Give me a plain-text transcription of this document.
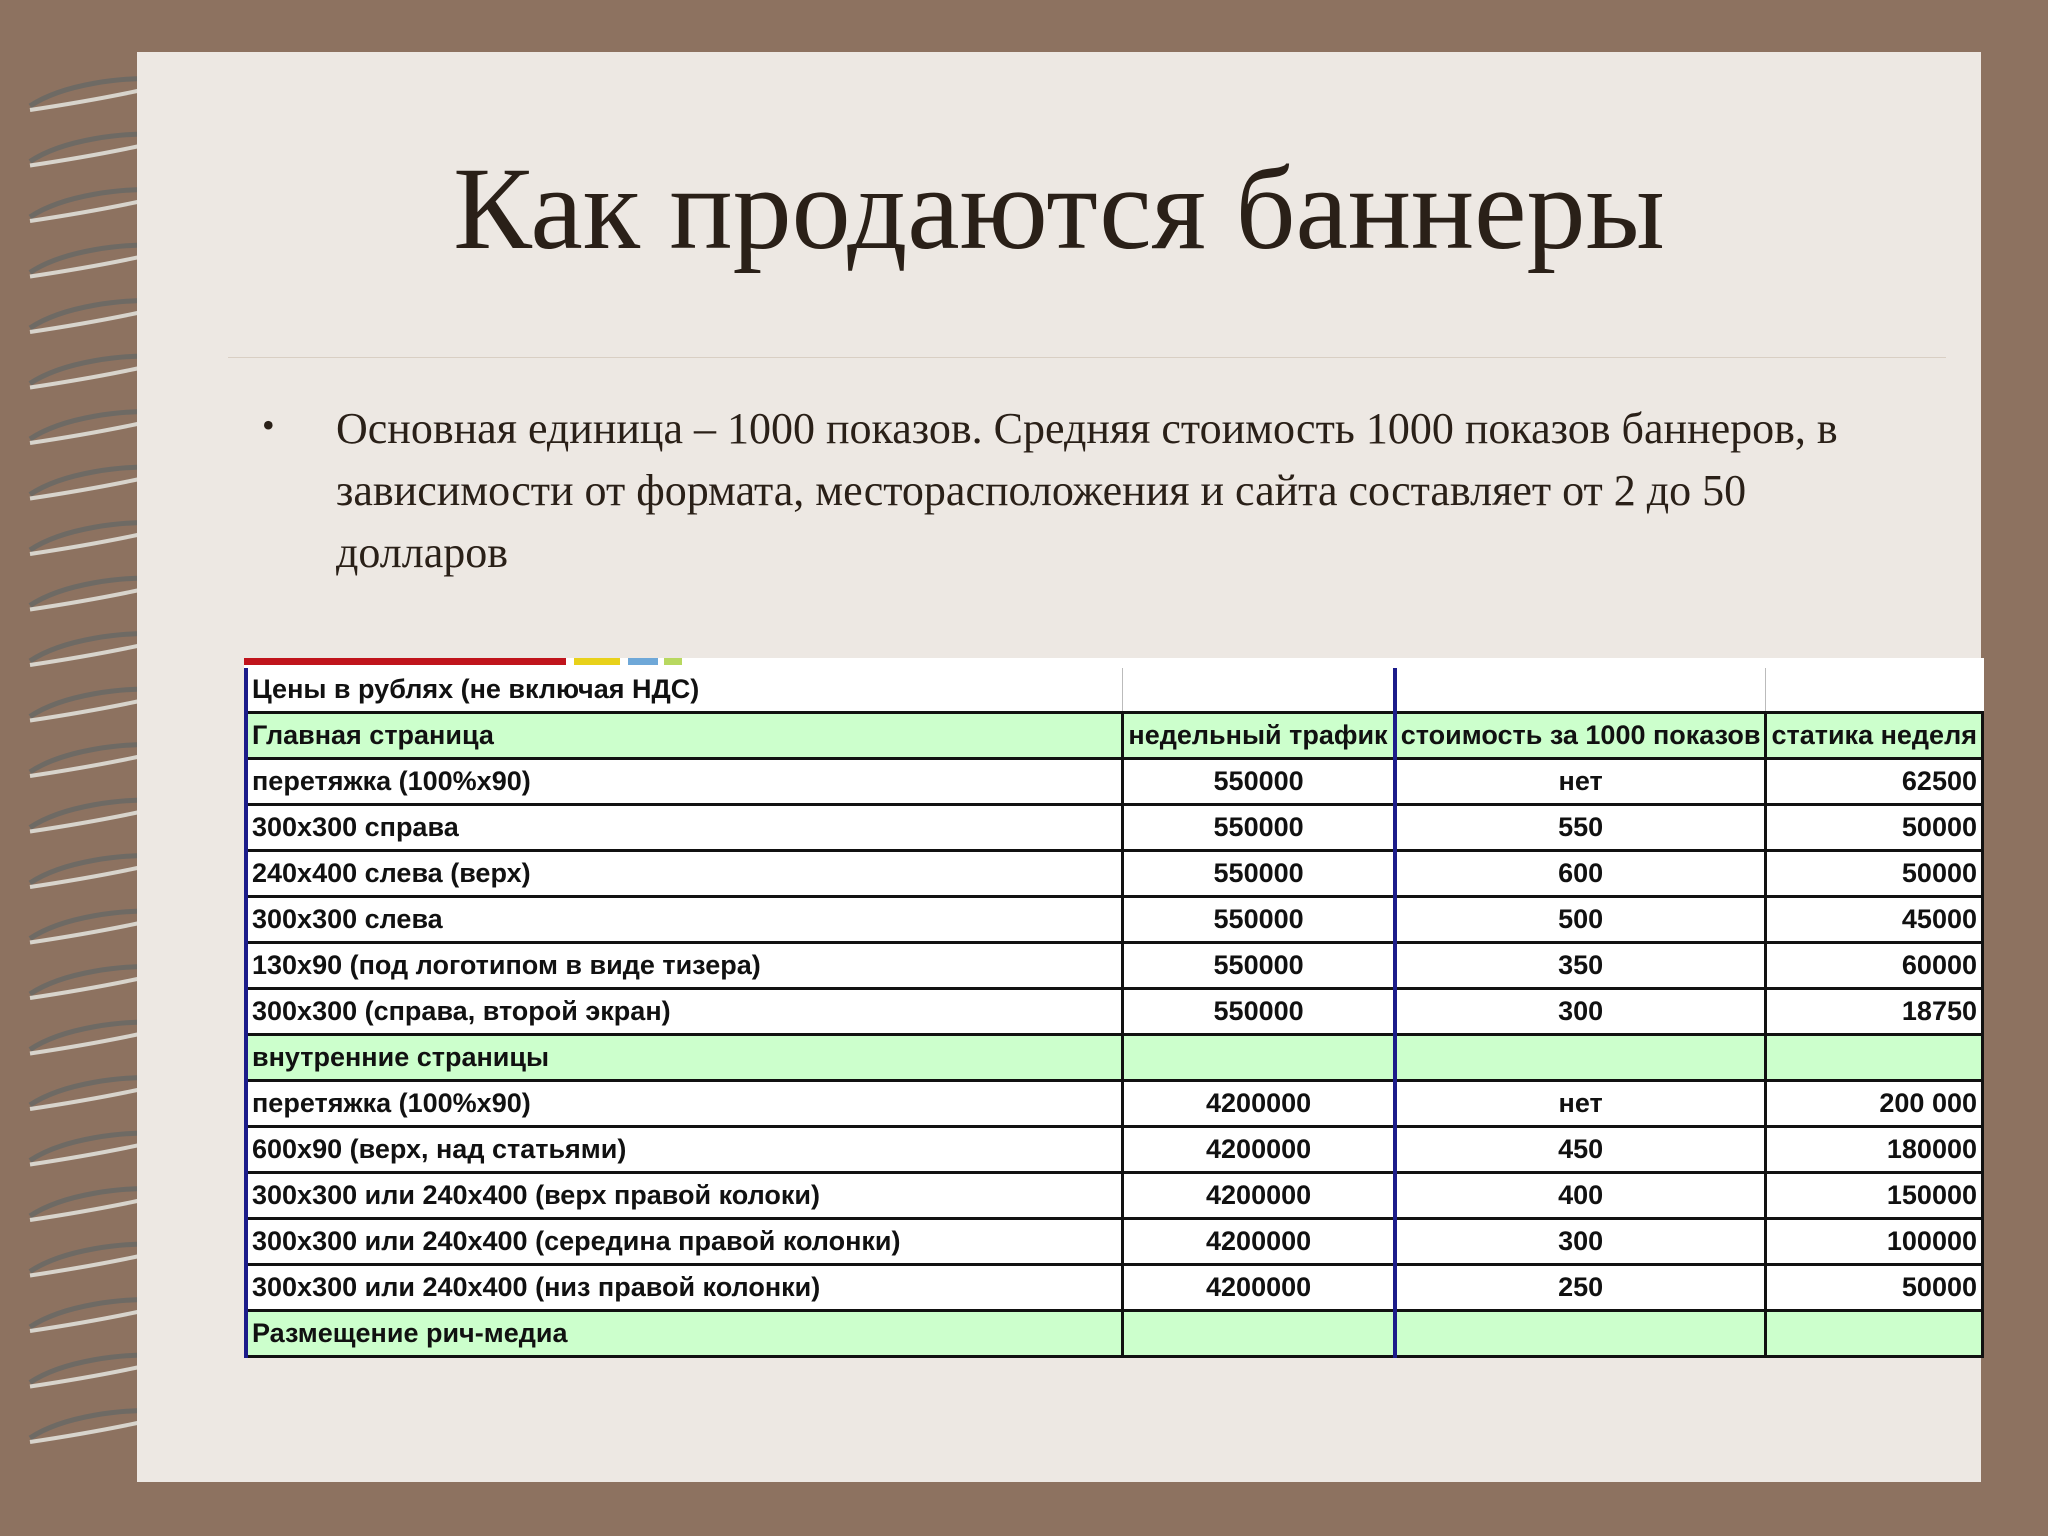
Как продаются баннеры
• Основная единица – 1000 показов. Средняя стоимость 1000 показов баннеров, в зависимости от формата, месторасположения и сайта составляет от 2 до 50 долларов
Цены в рублях (не включая НДС)			
Главная страница	недельный трафик	стоимость за 1000 показов	статика неделя
перетяжка (100%x90)	550000	нет	62500
300x300 справа	550000	550	50000
240x400 слева (верх)	550000	600	50000
300x300 слева	550000	500	45000
130x90 (под логотипом в виде тизера)	550000	350	60000
300x300 (справа, второй экран)	550000	300	18750
внутренние страницы			
перетяжка (100%x90)	4200000	нет	200 000
600x90 (верх, над статьями)	4200000	450	180000
300x300 или 240x400 (верх правой колоки)	4200000	400	150000
300x300 или 240x400 (середина правой колонки)	4200000	300	100000
300x300 или 240x400 (низ правой колонки)	4200000	250	50000
Размещение рич-медиа			
